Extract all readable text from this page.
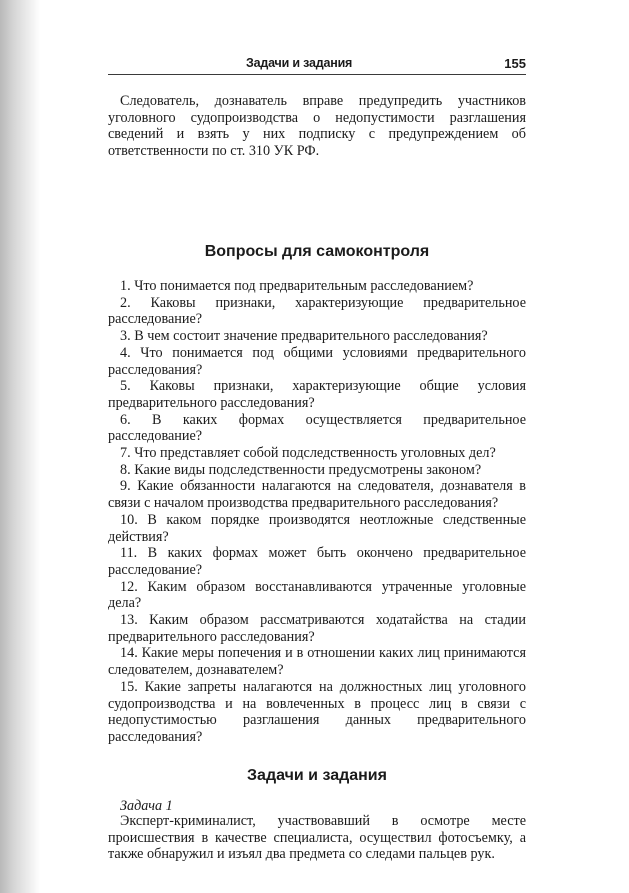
Задачи и задания	155

Следователь, дознаватель вправе предупредить участников уголовного судопроизводства о недопустимости разглашения сведений и взять у них подписку с предупреждением об ответственности по ст. 310 УК РФ.

Вопросы для самоконтроля
1. Что понимается под предварительным расследованием?
2. Каковы признаки, характеризующие предварительное расследование?
3. В чем состоит значение предварительного расследования?
4. Что понимается под общими условиями предварительного расследования?
5. Каковы признаки, характеризующие общие условия предварительного расследования?
6. В каких формах осуществляется предварительное расследование?
7. Что представляет собой подследственность уголовных дел?
8. Какие виды подследственности предусмотрены законом?
9. Какие обязанности налагаются на следователя, дознавателя в связи с началом производства предварительного расследования?
10. В каком порядке производятся неотложные следственные действия?
11. В каких формах может быть окончено предварительное расследование?
12. Каким образом восстанавливаются утраченные уголовные дела?
13. Каким образом рассматриваются ходатайства на стадии предварительного расследования?
14. Какие меры попечения и в отношении каких лиц принимаются следователем, дознавателем?
15. Какие запреты налагаются на должностных лиц уголовного судопроизводства и на вовлеченных в процесс лиц в связи с недопустимостью разглашения данных предварительного расследования?
Задачи и задания

Задача 1

Эксперт-криминалист, участвовавший в осмотре месте происшествия в качестве специалиста, осуществил фотосъемку, а также обнаружил и изъял два предмета со следами пальцев рук.
